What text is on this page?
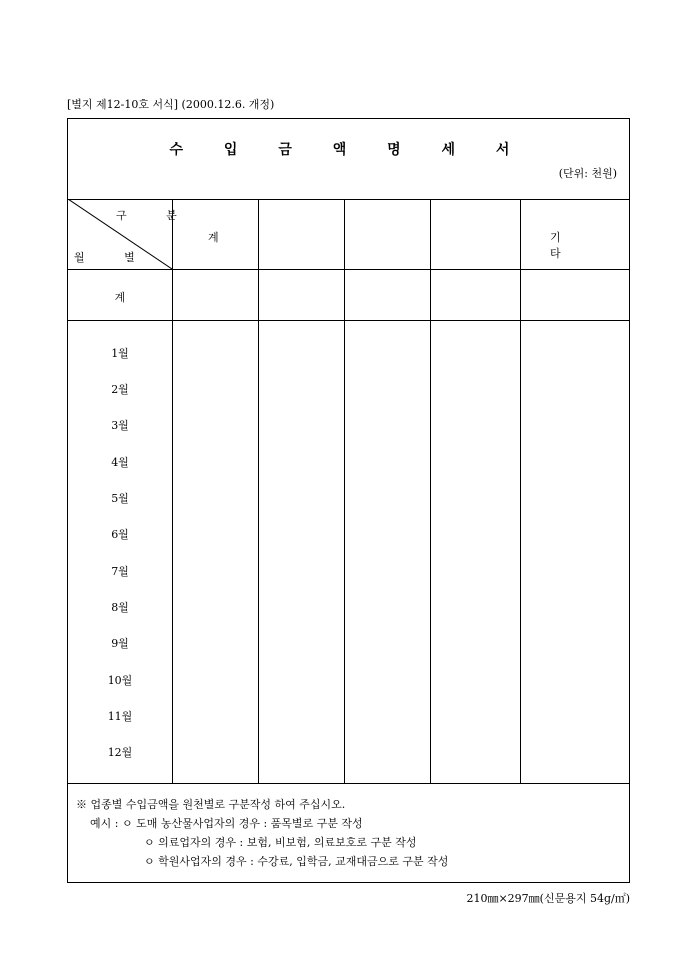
[별지 제12-10호 서식] (2000.12.6. 개정)
수 입 금 액 명 세 서
(단위: 천원)
구 분
월 별
계	기 타
계
1월
2월
3월
4월
5월
6월
7월
8월
9월
10월
11월
12월
※ 업종별 수입금액을 원천별로 구분작성 하여 주십시오.
예시 : ㅇ 도매 농산물사업자의 경우 : 품목별로 구분 작성
ㅇ 의료업자의 경우 : 보험, 비보험, 의료보호로 구분 작성
ㅇ 학원사업자의 경우 : 수강료, 입학금, 교재대금으로 구분 작성
210㎜×297㎜(신문용지 54g/㎡)
